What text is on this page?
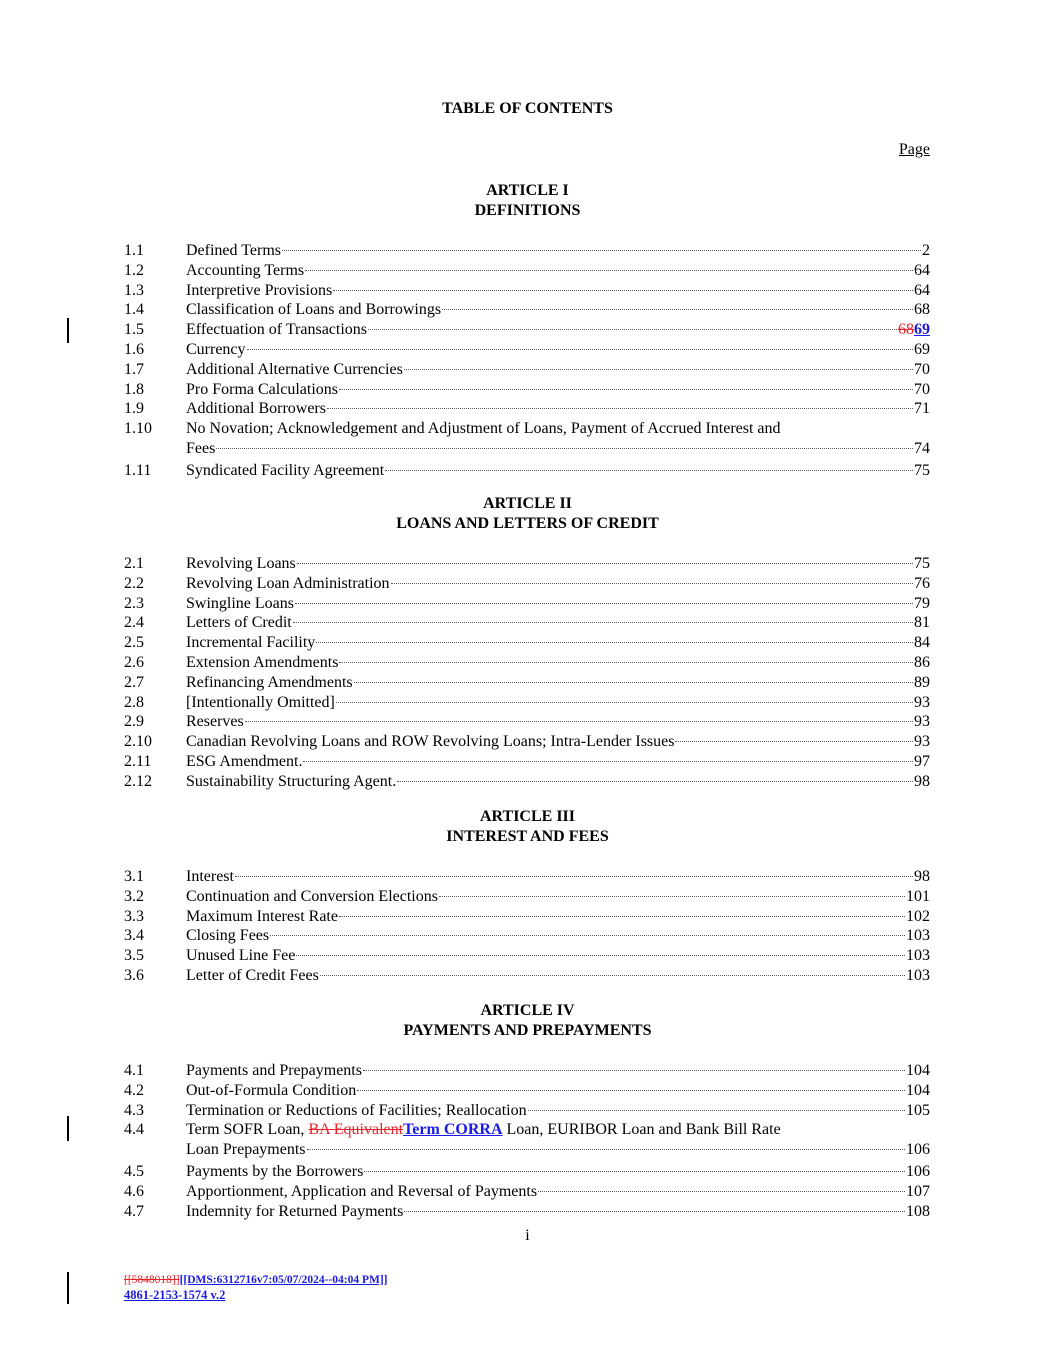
TABLE OF CONTENTS
Page
ARTICLE I
DEFINITIONS
1.1	Defined Terms	2
1.2	Accounting Terms	64
1.3	Interpretive Provisions	64
1.4	Classification of Loans and Borrowings	68
1.5	Effectuation of Transactions	6869
1.6	Currency	69
1.7	Additional Alternative Currencies	70
1.8	Pro Forma Calculations	70
1.9	Additional Borrowers	71
1.10	No Novation; Acknowledgement and Adjustment of Loans, Payment of Accrued Interest and
Fees	74
1.11	Syndicated Facility Agreement	75
ARTICLE II
LOANS AND LETTERS OF CREDIT
2.1	Revolving Loans	75
2.2	Revolving Loan Administration	76
2.3	Swingline Loans	79
2.4	Letters of Credit	81
2.5	Incremental Facility	84
2.6	Extension Amendments	86
2.7	Refinancing Amendments	89
2.8	[Intentionally Omitted]	93
2.9	Reserves	93
2.10	Canadian Revolving Loans and ROW Revolving Loans; Intra-Lender Issues	93
2.11	ESG Amendment.	97
2.12	Sustainability Structuring Agent.	98
ARTICLE III
INTEREST AND FEES
3.1	Interest	98
3.2	Continuation and Conversion Elections	101
3.3	Maximum Interest Rate	102
3.4	Closing Fees	103
3.5	Unused Line Fee	103
3.6	Letter of Credit Fees	103
ARTICLE IV
PAYMENTS AND PREPAYMENTS
4.1	Payments and Prepayments	104
4.2	Out-of-Formula Condition	104
4.3	Termination or Reductions of Facilities; Reallocation	105
4.4	Term SOFR Loan, BA EquivalentTerm CORRA Loan, EURIBOR Loan and Bank Bill Rate
Loan Prepayments	106
4.5	Payments by the Borrowers	106
4.6	Apportionment, Application and Reversal of Payments	107
4.7	Indemnity for Returned Payments	108
i
[[5848018]][[DMS:6312716v7:05/07/2024--04:04 PM]]
4861-2153-1574 v.2
